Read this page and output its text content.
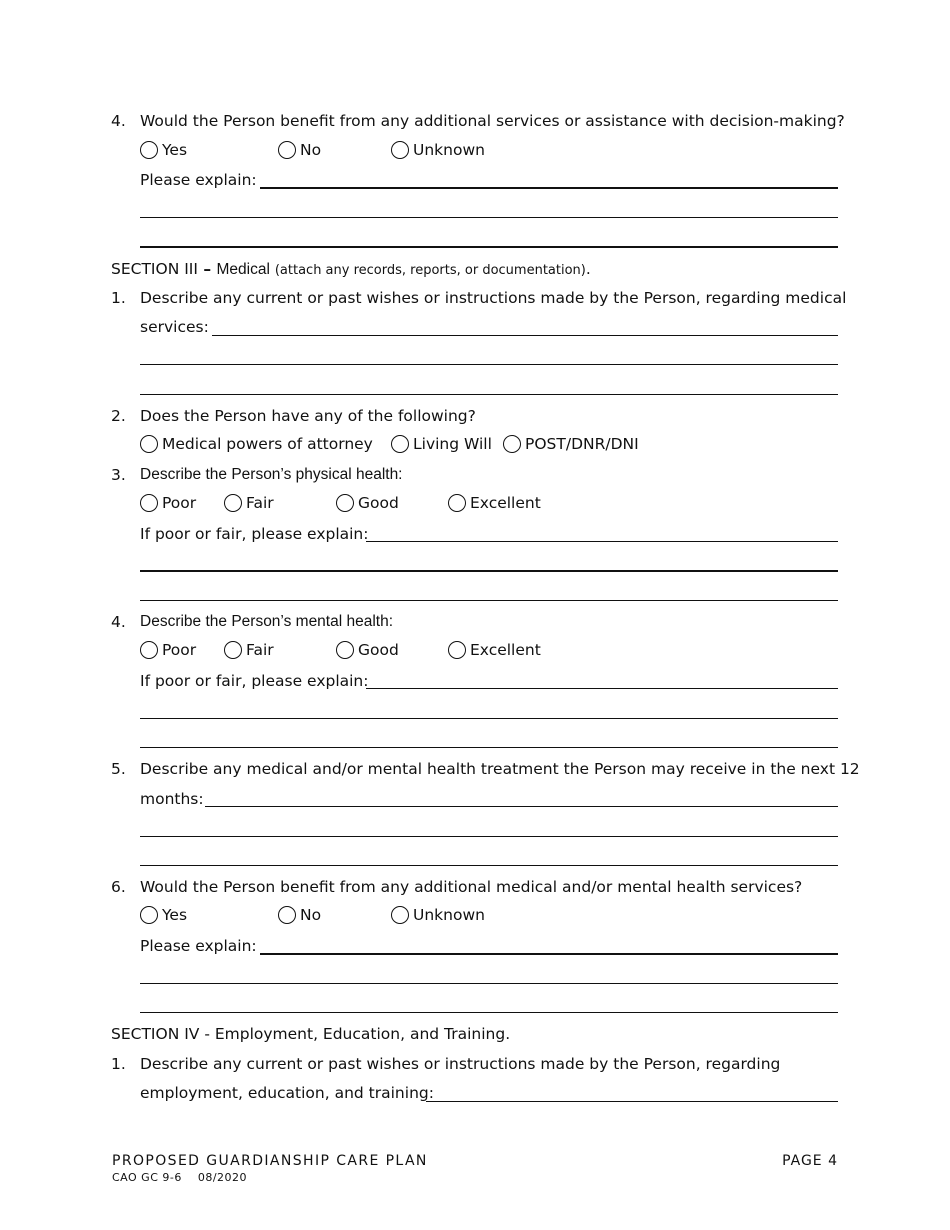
4. Would the Person benefit from any additional services or assistance with decision-making?
Yes	No	Unknown
Please explain:
SECTION III – Medical (attach any records, reports, or documentation).
1. Describe any current or past wishes or instructions made by the Person, regarding medical
services:
2. Does the Person have any of the following?
Medical powers of attorney	Living Will POST/DNR/DNI
3. Describe the Person’s physical health:
Poor	Fair	Good	Excellent
If poor or fair, please explain:
4. Describe the Person’s mental health:
Poor	Fair	Good	Excellent
If poor or fair, please explain:
5. Describe any medical and/or mental health treatment the Person may receive in the next 12
months:
6. Would the Person benefit from any additional medical and/or mental health services?
Yes	No	Unknown
Please explain:
SECTION IV - Employment, Education, and Training.
1. Describe any current or past wishes or instructions made by the Person, regarding
employment, education, and training:
PROPOSED GUARDIANSHIP CARE PLAN
CAO GC 9-6 08/2020
PAGE 4
